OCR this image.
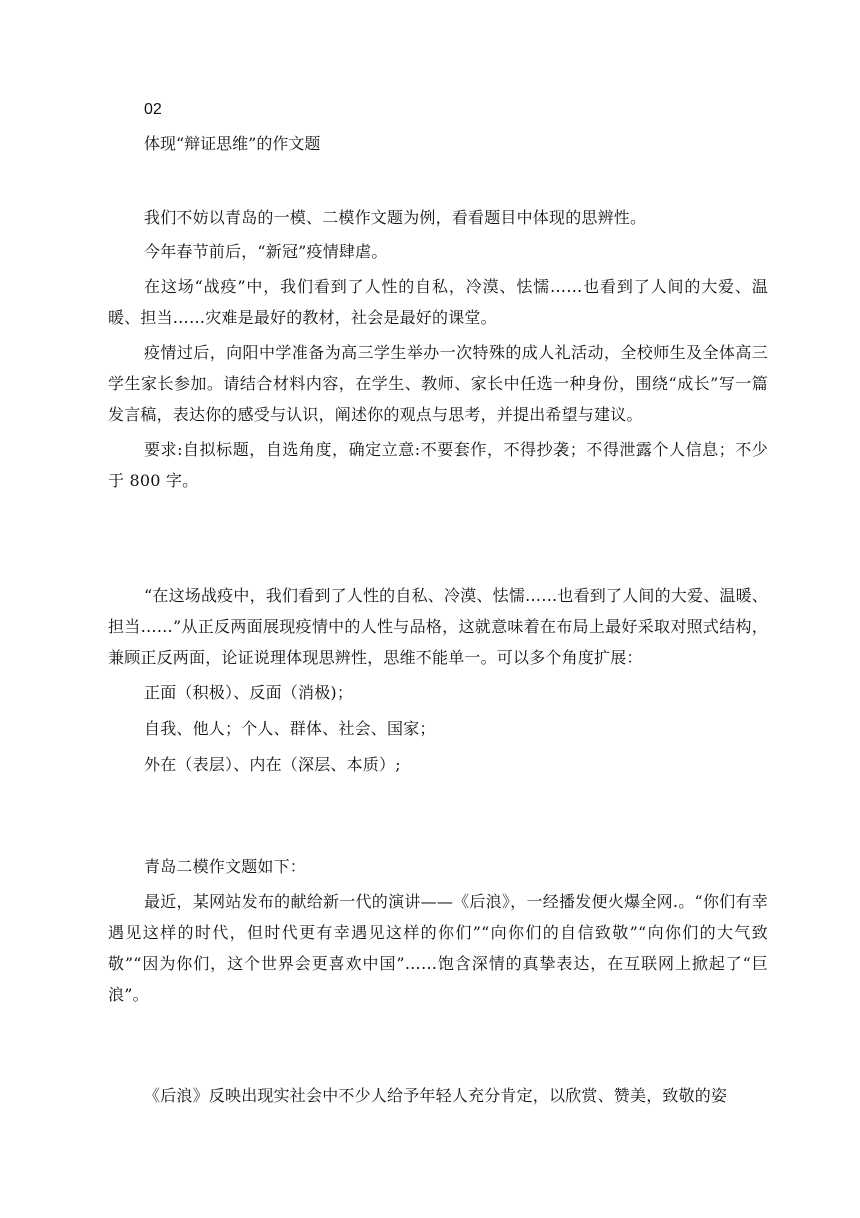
02
体现“辩证思维”的作文题

我们不妨以青岛的一模、二模作文题为例，看看题目中体现的思辨性。

今年春节前后，“新冠”疫情肆虐。

在这场“战疫”中，我们看到了人性的自私，冷漠、怯懦……也看到了人间的大爱、温暖、担当……灾难是最好的教材，社会是最好的课堂。

疫情过后，向阳中学准备为高三学生举办一次特殊的成人礼活动，全校师生及全体高三学生家长参加。请结合材料内容，在学生、教师、家长中任选一种身份，围绕“成长”写一篇发言稿，表达你的感受与认识，阐述你的观点与思考，并提出希望与建议。

要求:自拟标题，自选角度，确定立意:不要套作，不得抄袭；不得泄露个人信息；不少于 800 字。

“在这场战疫中，我们看到了人性的自私、冷漠、怯懦……也看到了人间的大爱、温暖、担当……”从正反两面展现疫情中的人性与品格，这就意味着在布局上最好采取对照式结构，兼顾正反两面，论证说理体现思辨性，思维不能单一。可以多个角度扩展：

正面（积极）、反面（消极)；

自我、他人；个人、群体、社会、国家；

外在（表层）、内在（深层、本质）;

青岛二模作文题如下：

最近，某网站发布的献给新一代的演讲——《后浪》，一经播发便火爆全网.。“你们有幸遇见这样的时代，但时代更有幸遇见这样的你们”“向你们的自信致敬”“向你们的大气致敬”“因为你们，这个世界会更喜欢中国”……饱含深情的真挚表达，在互联网上掀起了“巨浪”。

《后浪》反映出现实社会中不少人给予年轻人充分肯定，以欣赏、赞美，致敬的姿
